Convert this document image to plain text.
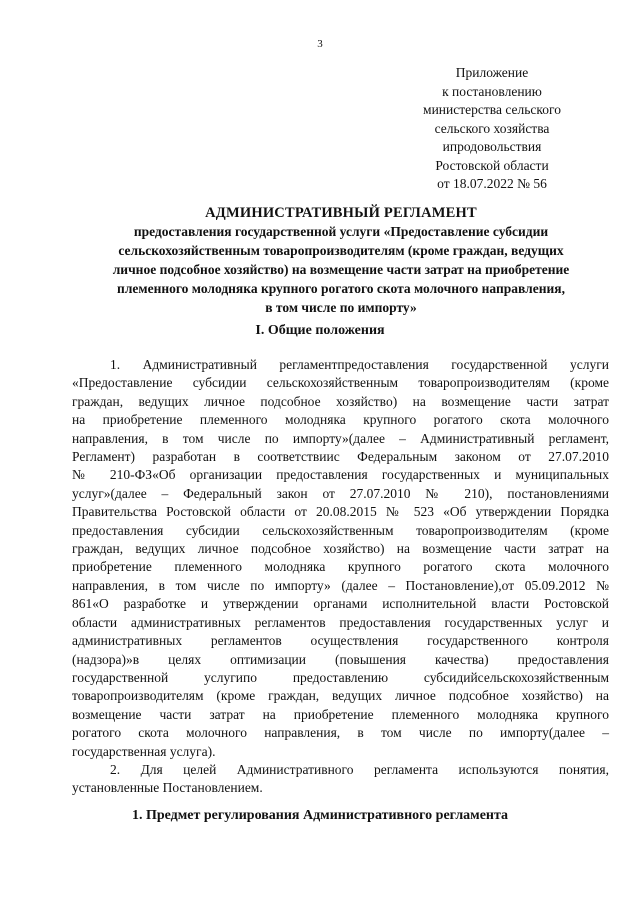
3
Приложение
к постановлению
министерства сельского
сельского хозяйства
ипродовольствия
Ростовской области
от 18.07.2022 № 56
АДМИНИСТРАТИВНЫЙ РЕГЛАМЕНТ
предоставления государственной услуги «Предоставление субсидии
сельскохозяйственным товаропроизводителям (кроме граждан, ведущих
личное подсобное хозяйство) на возмещение части затрат на приобретение
племенного молодняка крупного рогатого скота молочного направления,
в том числе по импорту»
I. Общие положения
1. Административный регламентпредоставления государственной услуги
«Предоставление субсидии сельскохозяйственным товаропроизводителям (кроме
граждан, ведущих личное подсобное хозяйство) на возмещение части затрат
на приобретение племенного молодняка крупного рогатого скота молочного
направления, в том числе по импорту»(далее – Административный регламент,
Регламент) разработан в соответствиис Федеральным законом от 27.07.2010
№ 210-ФЗ«Об организации предоставления государственных и муниципальных
услуг»(далее – Федеральный закон от 27.07.2010 № 210), постановлениями
Правительства Ростовской области от 20.08.2015 № 523 «Об утверждении Порядка
предоставления субсидии сельскохозяйственным товаропроизводителям (кроме
граждан, ведущих личное подсобное хозяйство) на возмещение части затрат на
приобретение племенного молодняка крупного рогатого скота молочного
направления, в том числе по импорту» (далее – Постановление),от 05.09.2012 №
861«О разработке и утверждении органами исполнительной власти Ростовской
области административных регламентов предоставления государственных услуг и
административных регламентов осуществления государственного контроля
(надзора)»в целях оптимизации (повышения качества) предоставления
государственной услугипо предоставлению субсидийсельскохозяйственным
товаропроизводителям (кроме граждан, ведущих личное подсобное хозяйство) на
возмещение части затрат на приобретение племенного молодняка крупного
рогатого скота молочного направления, в том числе по импорту(далее –
государственная услуга).
2. Для целей Административного регламента используются понятия,
установленные Постановлением.
1. Предмет регулирования Административного регламента
